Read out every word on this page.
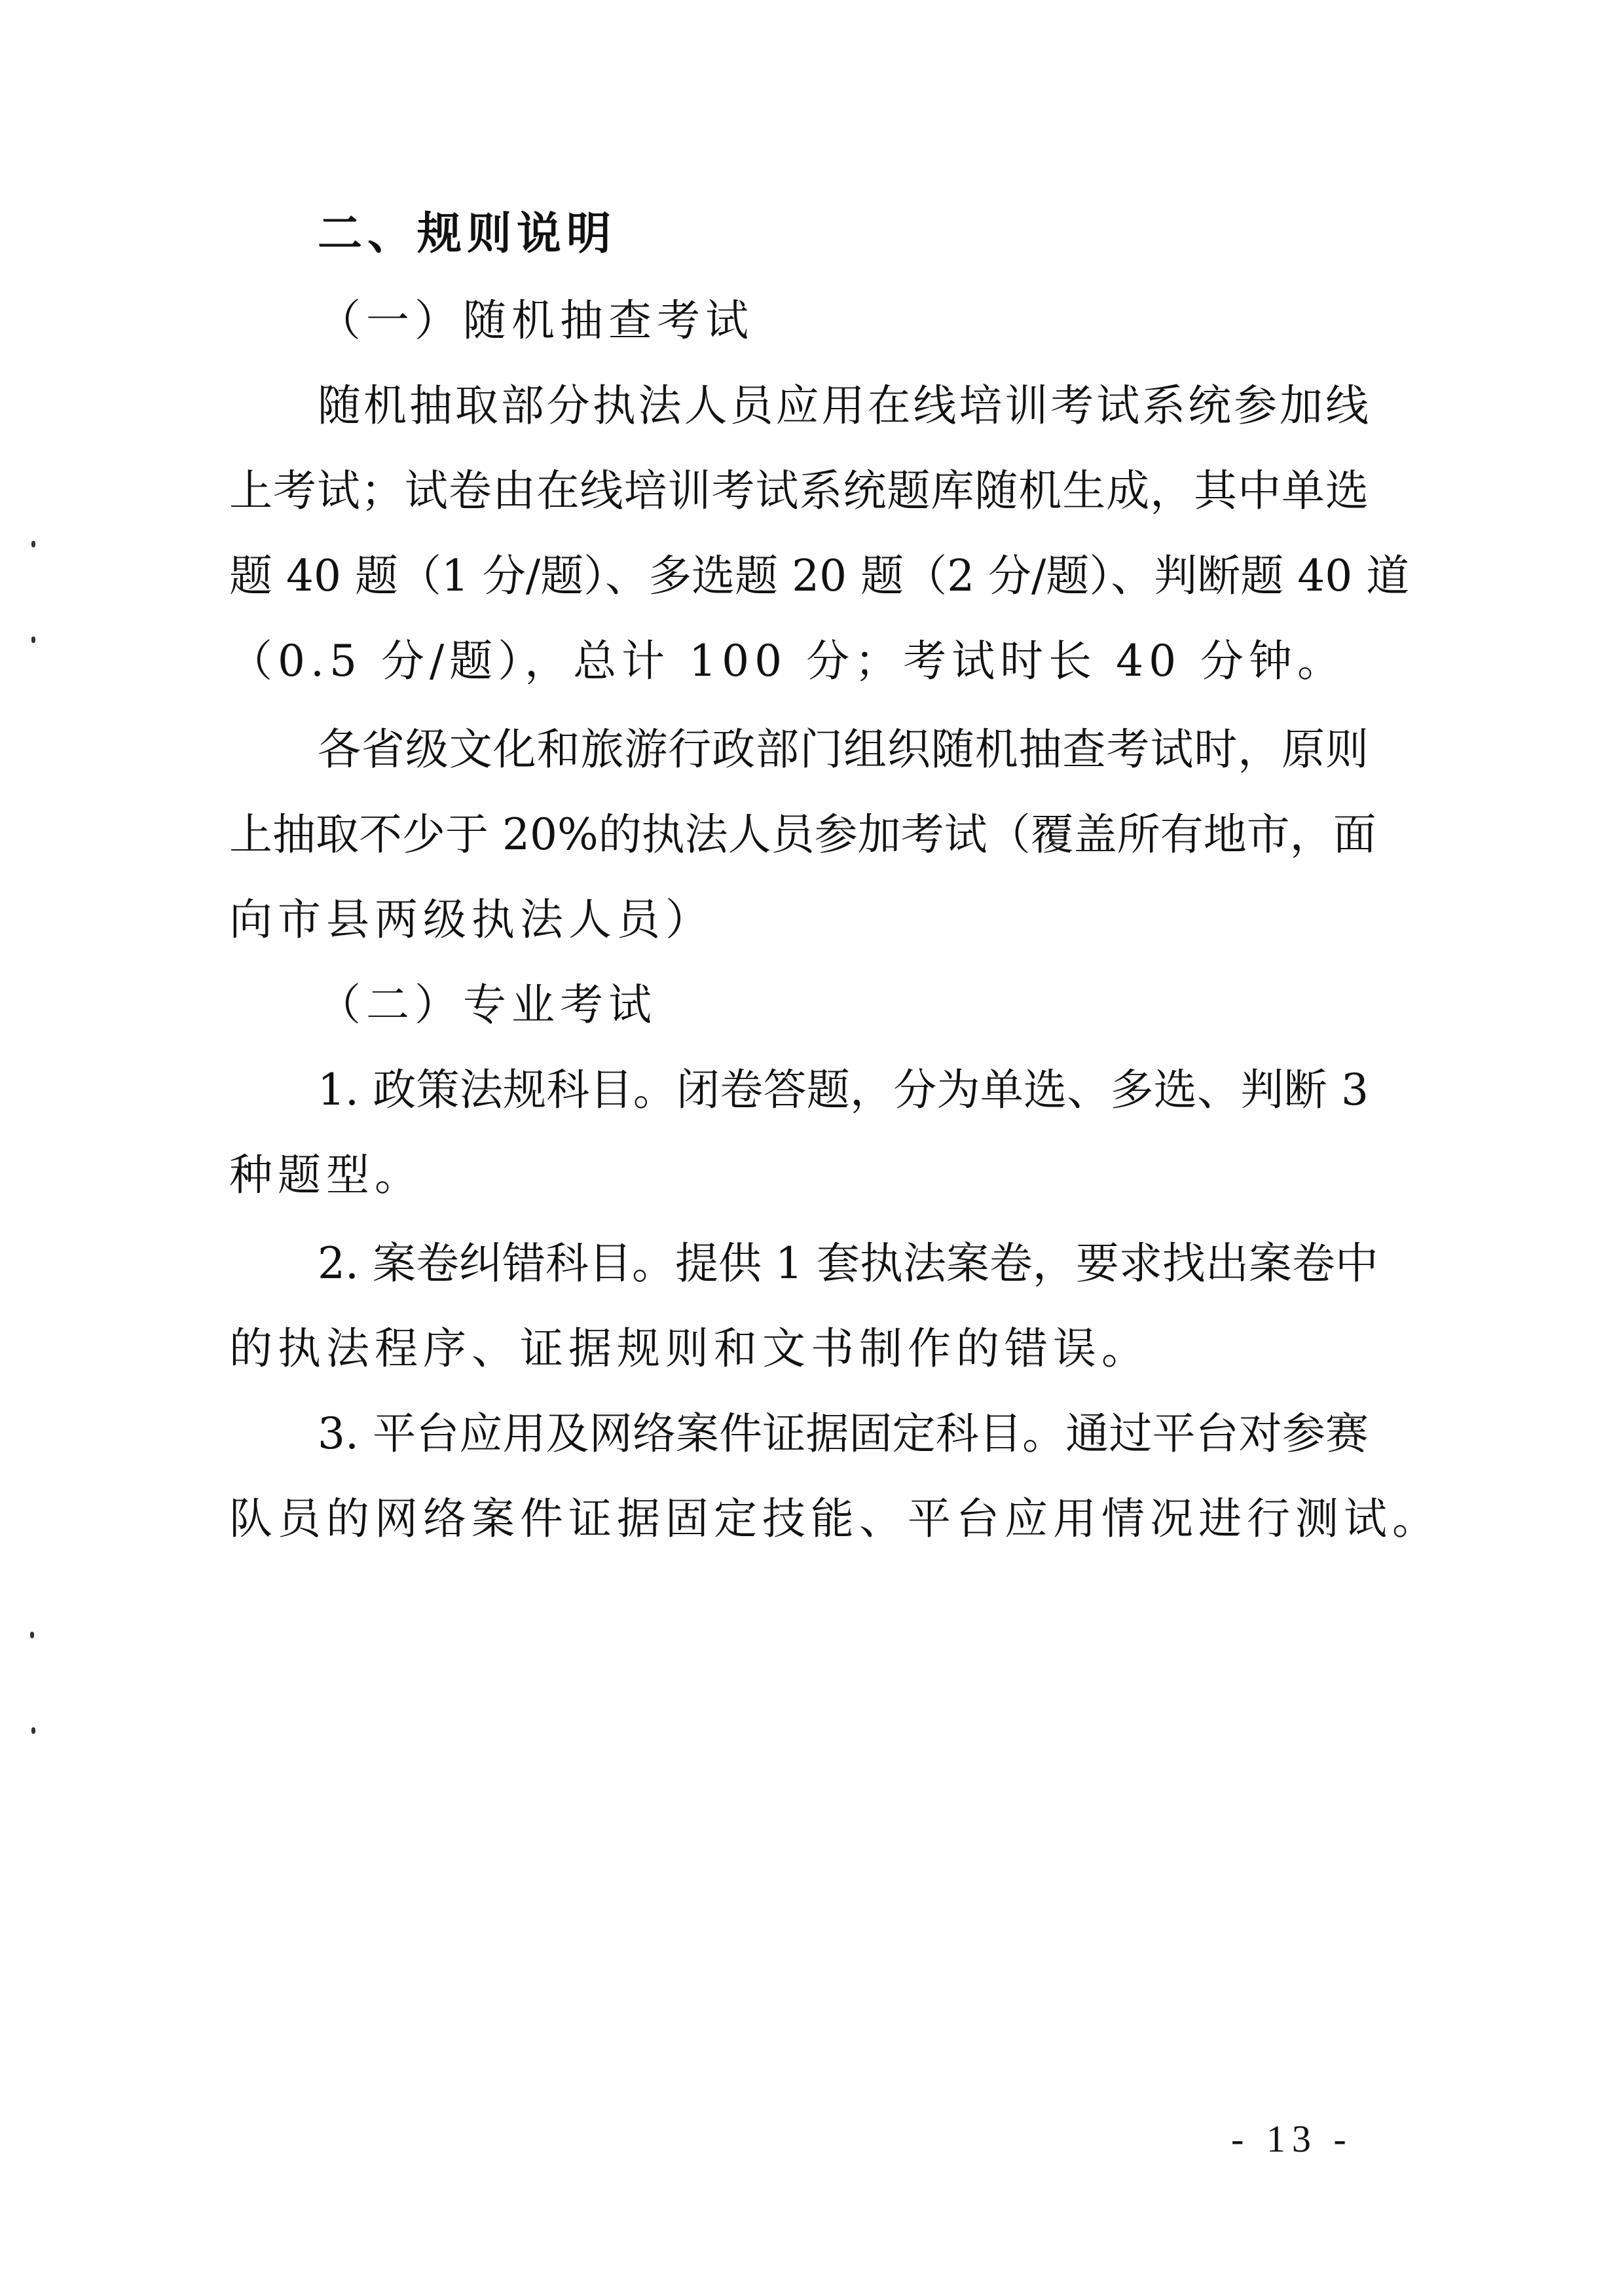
二、规则说明
（一）随机抽查考试
随机抽取部分执法人员应用在线培训考试系统参加线
上考试；试卷由在线培训考试系统题库随机生成，其中单选
题 40 题（1 分/题）、多选题 20 题（2 分/题）、判断题 40 道
（0.5 分/题），总计 100 分；考试时长 40 分钟。
各省级文化和旅游行政部门组织随机抽查考试时，原则
上抽取不少于 20%的执法人员参加考试（覆盖所有地市，面
向市县两级执法人员）
（二）专业考试
1. 政策法规科目。闭卷答题，分为单选、多选、判断 3
种题型。
2. 案卷纠错科目。提供 1 套执法案卷，要求找出案卷中
的执法程序、证据规则和文书制作的错误。
3. 平台应用及网络案件证据固定科目。通过平台对参赛
队员的网络案件证据固定技能、平台应用情况进行测试。
- 13 -
